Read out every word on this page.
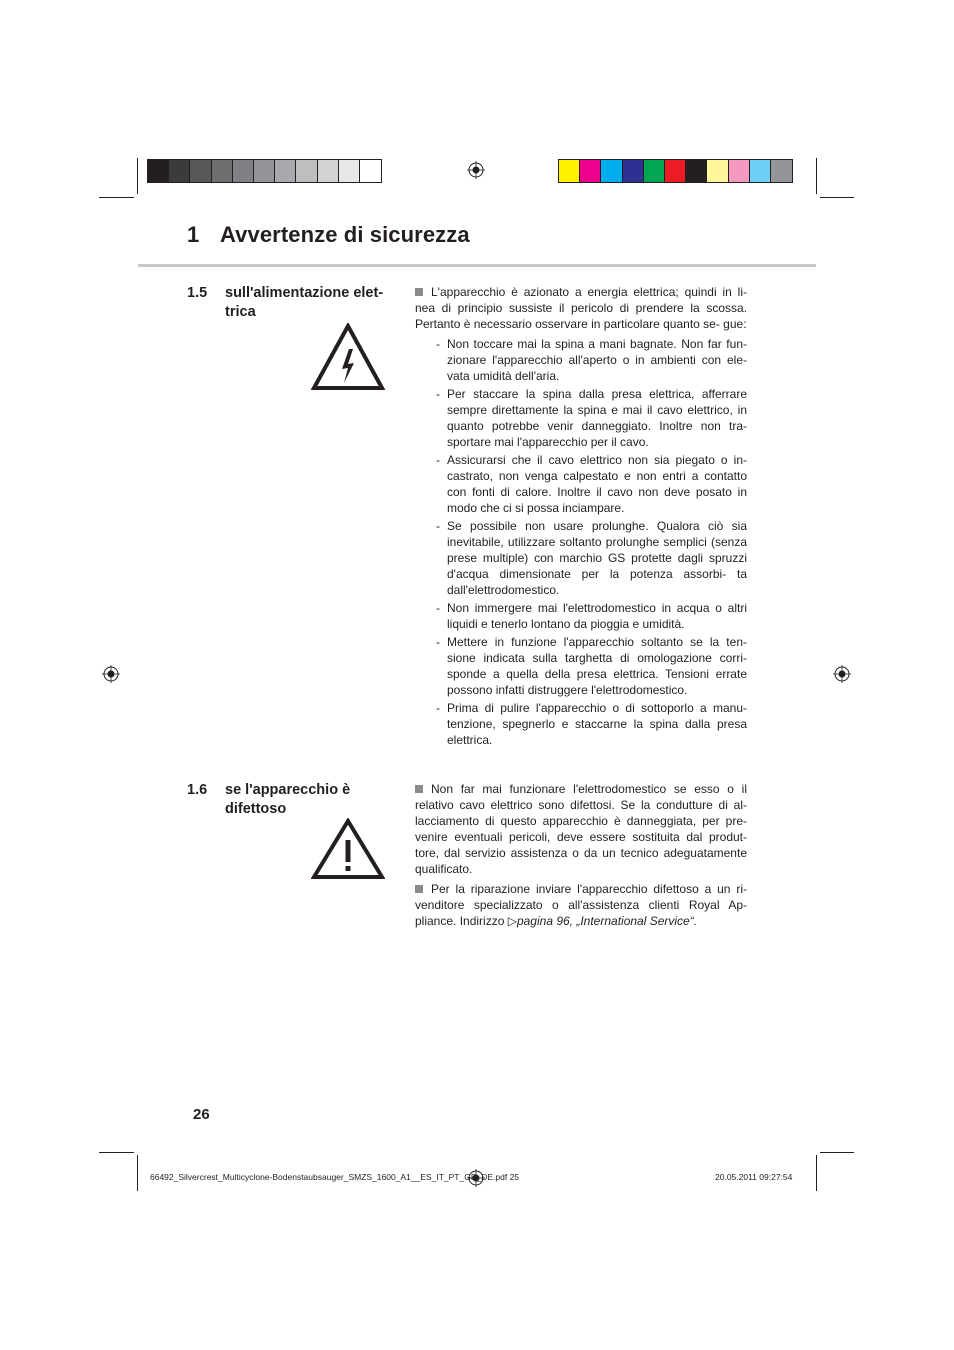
1 Avvertenze di sicurezza
1.5 sull'alimentazione elet- trica

L'apparecchio è azionato a energia elettrica; quindi in li- nea di principio sussiste il pericolo di prendere la scossa. Pertanto è necessario osservare in particolare quanto se- gue:

- Non toccare mai la spina a mani bagnate. Non far fun- zionare l'apparecchio all'aperto o in ambienti con ele- vata umidità dell'aria.
- Per staccare la spina dalla presa elettrica, afferrare sempre direttamente la spina e mai il cavo elettrico, in quanto potrebbe venir danneggiato. Inoltre non tra- sportare mai l'apparecchio per il cavo.
- Assicurarsi che il cavo elettrico non sia piegato o in- castrato, non venga calpestato e non entri a contatto con fonti di calore. Inoltre il cavo non deve posato in modo che ci si possa inciampare.
- Se possibile non usare prolunghe. Qualora ciò sia inevitabile, utilizzare soltanto prolunghe semplici (senza prese multiple) con marchio GS protette dagli spruzzi d'acqua dimensionate per la potenza assorbi- ta dall'elettrodomestico.
- Non immergere mai l'elettrodomestico in acqua o altri liquidi e tenerlo lontano da pioggia e umidità.
- Mettere in funzione l'apparecchio soltanto se la ten- sione indicata sulla targhetta di omologazione corri- sponde a quella della presa elettrica. Tensioni errate possono infatti distruggere l'elettrodomestico.
- Prima di pulire l'apparecchio o di sottoporlo a manu- tenzione, spegnerlo e staccarne la spina dalla presa elettrica.
1.6 se l'apparecchio è difettoso

Non far mai funzionare l'elettrodomestico se esso o il relativo cavo elettrico sono difettosi. Se la condutture di al- lacciamento di questo apparecchio è danneggiata, per pre- venire eventuali pericoli, deve essere sostituita dal produt- tore, dal servizio assistenza o da un tecnico adeguatamente qualificato.

Per la riparazione inviare l'apparecchio difettoso a un ri- venditore specializzato o all'assistenza clienti Royal Ap- pliance. Indirizzo ▷pagina 96, „International Service“.

26
66492_Silvercrest_Multicyclone-Bodenstaubsauger_SMZS_1600_A1__ES_IT_PT_GB_DE.pdf 25	20.05.2011 09:27:54
